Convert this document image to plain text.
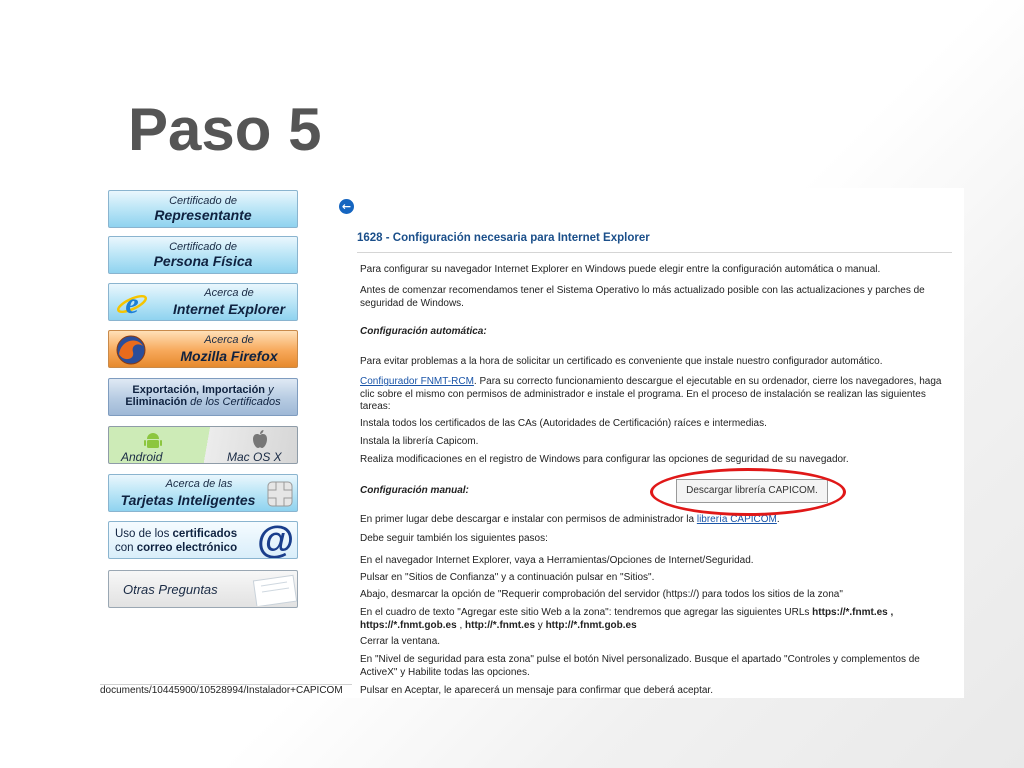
Paso 5
Certificado de
Representante
Certificado de
Persona Física
e	Acerca de
Internet Explorer
Acerca de
Mozilla Firefox
Exportación, Importación y
Eliminación de los Certificados
Android	Mac OS X
Acerca de las
Tarjetas Inteligentes
Uso de los certificados
con correo electrónico @
Otras Preguntas
←
1628 - Configuración necesaria para Internet Explorer
Para configurar su navegador Internet Explorer en Windows puede elegir entre la configuración automática o manual.
Antes de comenzar recomendamos tener el Sistema Operativo lo más actualizado posible con las actualizaciones y parches de seguridad de Windows.
Configuración automática:
Para evitar problemas a la hora de solicitar un certificado es conveniente que instale nuestro configurador automático.
Configurador FNMT-RCM. Para su correcto funcionamiento descargue el ejecutable en su ordenador, cierre los navegadores, haga clic sobre el mismo con permisos de administrador e instale el programa. En el proceso de instalación se realizan las siguientes tareas:
Instala todos los certificados de las CAs (Autoridades de Certificación) raíces e intermedias.
Instala la librería Capicom.
Realiza modificaciones en el registro de Windows para configurar las opciones de seguridad de su navegador.
Configuración manual:	Descargar librería CAPICOM.
En primer lugar debe descargar e instalar con permisos de administrador la librería CAPICOM.
Debe seguir también los siguientes pasos:
En el navegador Internet Explorer, vaya a Herramientas/Opciones de Internet/Seguridad.
Pulsar en "Sitios de Confianza" y a continuación pulsar en "Sitios".
Abajo, desmarcar la opción de "Requerir comprobación del servidor (https://) para todos los sitios de la zona"
En el cuadro de texto "Agregar este sitio Web a la zona": tendremos que agregar las siguientes URLs https://*.fnmt.es ,
https://*.fnmt.gob.es , http://*.fnmt.es y http://*.fnmt.gob.es
Cerrar la ventana.
En "Nivel de seguridad para esta zona" pulse el botón Nivel personalizado. Busque el apartado "Controles y complementos de ActiveX" y Habilite todas las opciones.
Pulsar en Aceptar, le aparecerá un mensaje para confirmar que deberá aceptar.
documents/10445900/10528994/Instalador+CAPICOM
